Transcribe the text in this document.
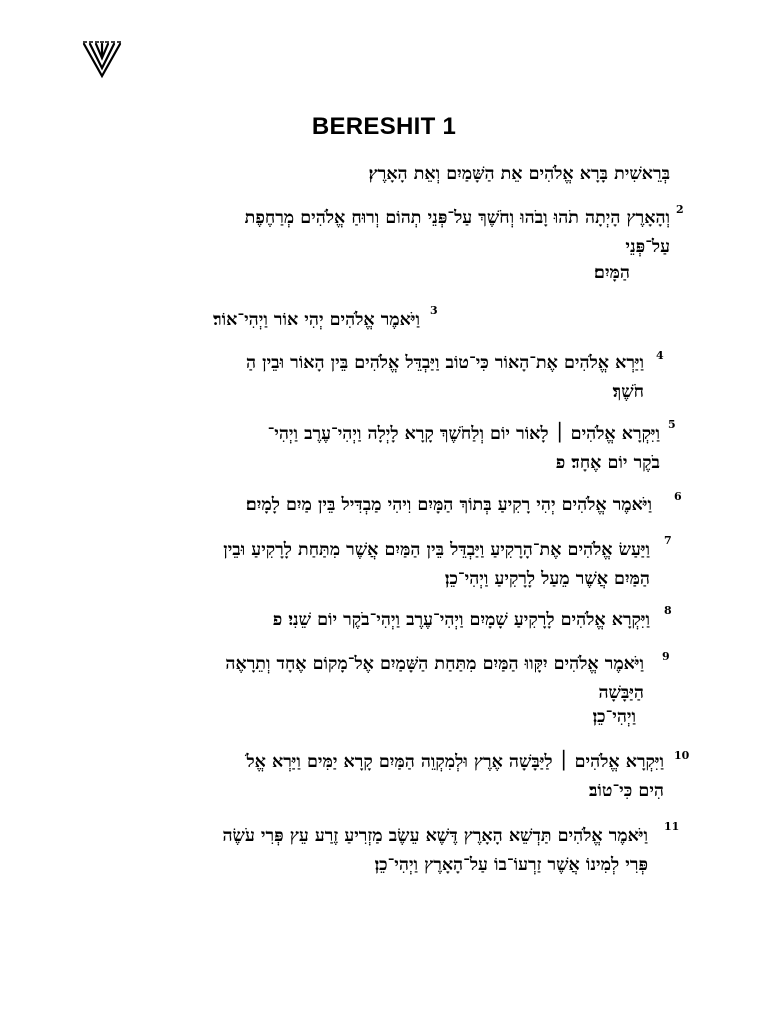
BERESHIT 1
בְּרֵאשִׁית בָּרָא אֱלֹהִים אֵת הַשָּׁמַיִם וְאֵת הָאָרֶץ׃
2
וְהָאָרֶץ הָיְתָה תֹהוּ וָבֹהוּ וְחֹשֶׁךְ עַל־פְּנֵי תְהוֹם וְרוּחַ אֱלֹהִים מְרַחֶפֶת
עַל־פְּנֵי
הַמָּיִם׃
3
וַיֹּאמֶר אֱלֹהִים יְהִי אוֹר וַיְהִי־אוֹר׃
4
וַיַּרְא אֱלֹהִים אֶת־הָאוֹר כִּי־טוֹב וַיַּבְדֵּל אֱלֹהִים בֵּין הָאוֹר וּבֵין הַ
חֹשֶׁךְ׃
5
וַיִּקְרָא אֱלֹהִים ׀ לָאוֹר יוֹם וְלַחֹשֶׁךְ קָרָא לָיְלָה וַיְהִי־עֶרֶב וַיְהִי־
בֹקֶר יוֹם אֶחָד׃ פ
6
וַיֹּאמֶר אֱלֹהִים יְהִי רָקִיעַ בְּתוֹךְ הַמָּיִם וִיהִי מַבְדִּיל בֵּין מַיִם לָמָיִם׃
7
וַיַּעַשׂ אֱלֹהִים אֶת־הָרָקִיעַ וַיַּבְדֵּל בֵּין הַמַּיִם אֲשֶׁר מִתַּחַת לָרָקִיעַ וּבֵין
הַמַּיִם אֲשֶׁר מֵעַל לָרָקִיעַ וַיְהִי־כֵן׃
8
וַיִּקְרָא אֱלֹהִים לָרָקִיעַ שָׁמָיִם וַיְהִי־עֶרֶב וַיְהִי־בֹקֶר יוֹם שֵׁנִי׃ פ
9
וַיֹּאמֶר אֱלֹהִים יִקָּווּ הַמַּיִם מִתַּחַת הַשָּׁמַיִם אֶל־מָקוֹם אֶחָד וְתֵרָאֶה
הַיַּבָּשָׁה
וַיְהִי־כֵן׃
10
וַיִּקְרָא אֱלֹהִים ׀ לַיַּבָּשָׁה אֶרֶץ וּלְמִקְוֵה הַמַּיִם קָרָא יַמִּים וַיַּרְא אֱלֹ
הִים כִּי־טוֹב׃
11
וַיֹּאמֶר אֱלֹהִים תַּדְשֵׁא הָאָרֶץ דֶּשֶׁא עֵשֶׂב מַזְרִיעַ זֶרַע עֵץ פְּרִי עֹשֶׂה
פְּרִי לְמִינוֹ אֲשֶׁר זַרְעוֹ־בוֹ עַל־הָאָרֶץ וַיְהִי־כֵן׃
